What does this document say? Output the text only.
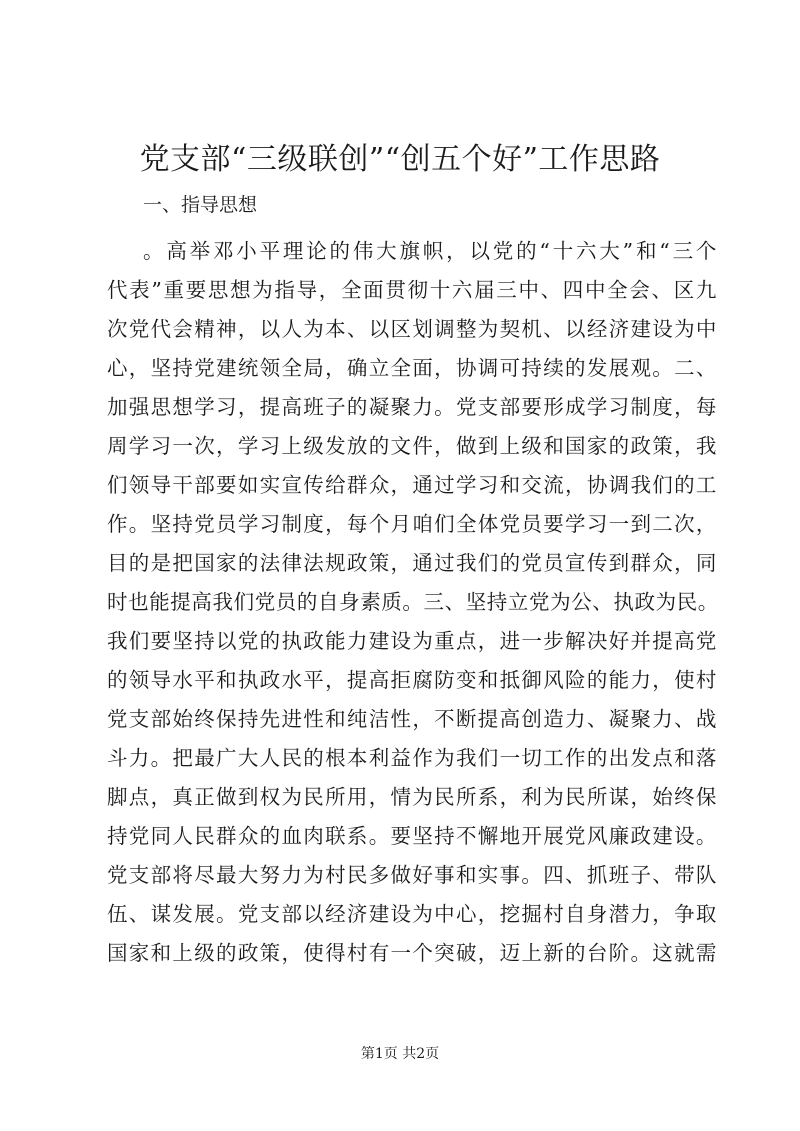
党支部“三级联创”“创五个好”工作思路

一、指导思想

。高举邓小平理论的伟大旗帜，以党的“十六大”和“三个
代表”重要思想为指导，全面贯彻十六届三中、四中全会、区九
次党代会精神，以人为本、以区划调整为契机、以经济建设为中
心，坚持党建统领全局，确立全面，协调可持续的发展观。二、
加强思想学习，提高班子的凝聚力。党支部要形成学习制度，每
周学习一次，学习上级发放的文件，做到上级和国家的政策，我
们领导干部要如实宣传给群众，通过学习和交流，协调我们的工
作。坚持党员学习制度，每个月咱们全体党员要学习一到二次，
目的是把国家的法律法规政策，通过我们的党员宣传到群众，同
时也能提高我们党员的自身素质。三、坚持立党为公、执政为民。
我们要坚持以党的执政能力建设为重点，进一步解决好并提高党
的领导水平和执政水平，提高拒腐防变和抵御风险的能力，使村
党支部始终保持先进性和纯洁性，不断提高创造力、凝聚力、战
斗力。把最广大人民的根本利益作为我们一切工作的出发点和落
脚点，真正做到权为民所用，情为民所系，利为民所谋，始终保
持党同人民群众的血肉联系。要坚持不懈地开展党风廉政建设。
党支部将尽最大努力为村民多做好事和实事。四、抓班子、带队
伍、谋发展。党支部以经济建设为中心，挖掘村自身潜力，争取
国家和上级的政策，使得村有一个突破，迈上新的台阶。这就需
第1页 共2页
